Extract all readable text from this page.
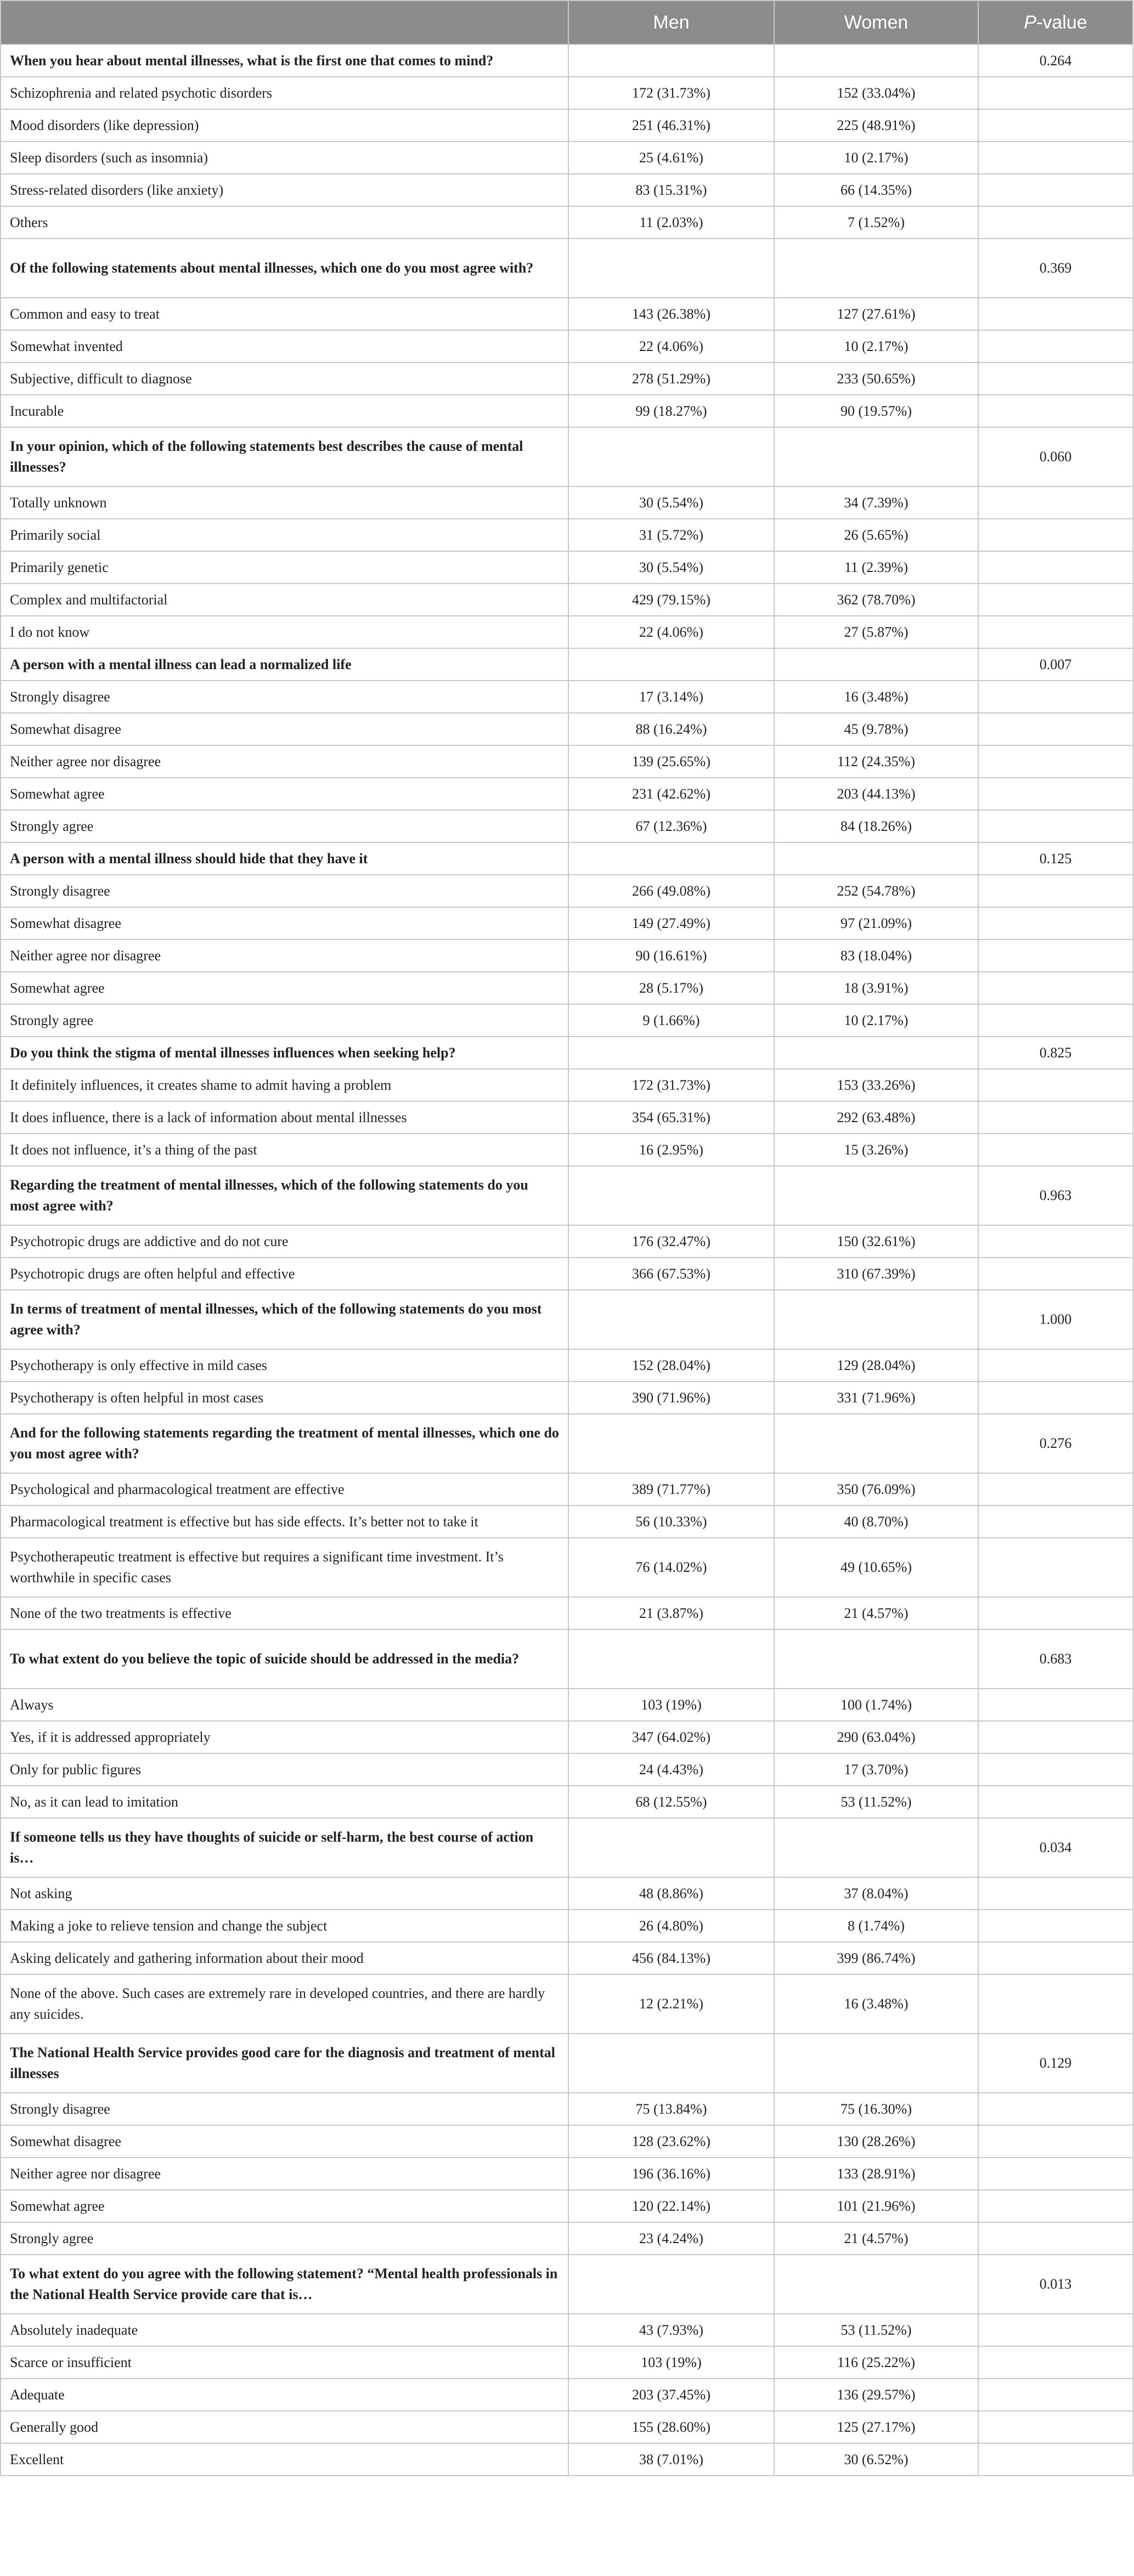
	Men	Women	P-value
When you hear about mental illnesses, what is the first one that comes to mind?			0.264
Schizophrenia and related psychotic disorders	172 (31.73%)	152 (33.04%)	
Mood disorders (like depression)	251 (46.31%)	225 (48.91%)	
Sleep disorders (such as insomnia)	25 (4.61%)	10 (2.17%)	
Stress-related disorders (like anxiety)	83 (15.31%)	66 (14.35%)	
Others	11 (2.03%)	7 (1.52%)	
Of the following statements about mental illnesses, which one do you most agree with?			0.369
Common and easy to treat	143 (26.38%)	127 (27.61%)	
Somewhat invented	22 (4.06%)	10 (2.17%)	
Subjective, difficult to diagnose	278 (51.29%)	233 (50.65%)	
Incurable	99 (18.27%)	90 (19.57%)	
In your opinion, which of the following statements best describes the cause of mental illnesses?			0.060
Totally unknown	30 (5.54%)	34 (7.39%)	
Primarily social	31 (5.72%)	26 (5.65%)	
Primarily genetic	30 (5.54%)	11 (2.39%)	
Complex and multifactorial	429 (79.15%)	362 (78.70%)	
I do not know	22 (4.06%)	27 (5.87%)	
A person with a mental illness can lead a normalized life			0.007
Strongly disagree	17 (3.14%)	16 (3.48%)	
Somewhat disagree	88 (16.24%)	45 (9.78%)	
Neither agree nor disagree	139 (25.65%)	112 (24.35%)	
Somewhat agree	231 (42.62%)	203 (44.13%)	
Strongly agree	67 (12.36%)	84 (18.26%)	
A person with a mental illness should hide that they have it			0.125
Strongly disagree	266 (49.08%)	252 (54.78%)	
Somewhat disagree	149 (27.49%)	97 (21.09%)	
Neither agree nor disagree	90 (16.61%)	83 (18.04%)	
Somewhat agree	28 (5.17%)	18 (3.91%)	
Strongly agree	9 (1.66%)	10 (2.17%)	
Do you think the stigma of mental illnesses influences when seeking help?			0.825
It definitely influences, it creates shame to admit having a problem	172 (31.73%)	153 (33.26%)	
It does influence, there is a lack of information about mental illnesses	354 (65.31%)	292 (63.48%)	
It does not influence, it’s a thing of the past	16 (2.95%)	15 (3.26%)	
Regarding the treatment of mental illnesses, which of the following statements do you most agree with?			0.963
Psychotropic drugs are addictive and do not cure	176 (32.47%)	150 (32.61%)	
Psychotropic drugs are often helpful and effective	366 (67.53%)	310 (67.39%)	
In terms of treatment of mental illnesses, which of the following statements do you most agree with?			1.000
Psychotherapy is only effective in mild cases	152 (28.04%)	129 (28.04%)	
Psychotherapy is often helpful in most cases	390 (71.96%)	331 (71.96%)	
And for the following statements regarding the treatment of mental illnesses, which one do you most agree with?			0.276
Psychological and pharmacological treatment are effective	389 (71.77%)	350 (76.09%)	
Pharmacological treatment is effective but has side effects. It’s better not to take it	56 (10.33%)	40 (8.70%)	
Psychotherapeutic treatment is effective but requires a significant time investment. It’s worthwhile in specific cases	76 (14.02%)	49 (10.65%)	
None of the two treatments is effective	21 (3.87%)	21 (4.57%)	
To what extent do you believe the topic of suicide should be addressed in the media?			0.683
Always	103 (19%)	100 (1.74%)	
Yes, if it is addressed appropriately	347 (64.02%)	290 (63.04%)	
Only for public figures	24 (4.43%)	17 (3.70%)	
No, as it can lead to imitation	68 (12.55%)	53 (11.52%)	
If someone tells us they have thoughts of suicide or self-harm, the best course of action is…			0.034
Not asking	48 (8.86%)	37 (8.04%)	
Making a joke to relieve tension and change the subject	26 (4.80%)	8 (1.74%)	
Asking delicately and gathering information about their mood	456 (84.13%)	399 (86.74%)	
None of the above. Such cases are extremely rare in developed countries, and there are hardly any suicides.	12 (2.21%)	16 (3.48%)	
The National Health Service provides good care for the diagnosis and treatment of mental illnesses			0.129
Strongly disagree	75 (13.84%)	75 (16.30%)	
Somewhat disagree	128 (23.62%)	130 (28.26%)	
Neither agree nor disagree	196 (36.16%)	133 (28.91%)	
Somewhat agree	120 (22.14%)	101 (21.96%)	
Strongly agree	23 (4.24%)	21 (4.57%)	
To what extent do you agree with the following statement? “Mental health professionals in the National Health Service provide care that is…			0.013
Absolutely inadequate	43 (7.93%)	53 (11.52%)	
Scarce or insufficient	103 (19%)	116 (25.22%)	
Adequate	203 (37.45%)	136 (29.57%)	
Generally good	155 (28.60%)	125 (27.17%)	
Excellent	38 (7.01%)	30 (6.52%)	
